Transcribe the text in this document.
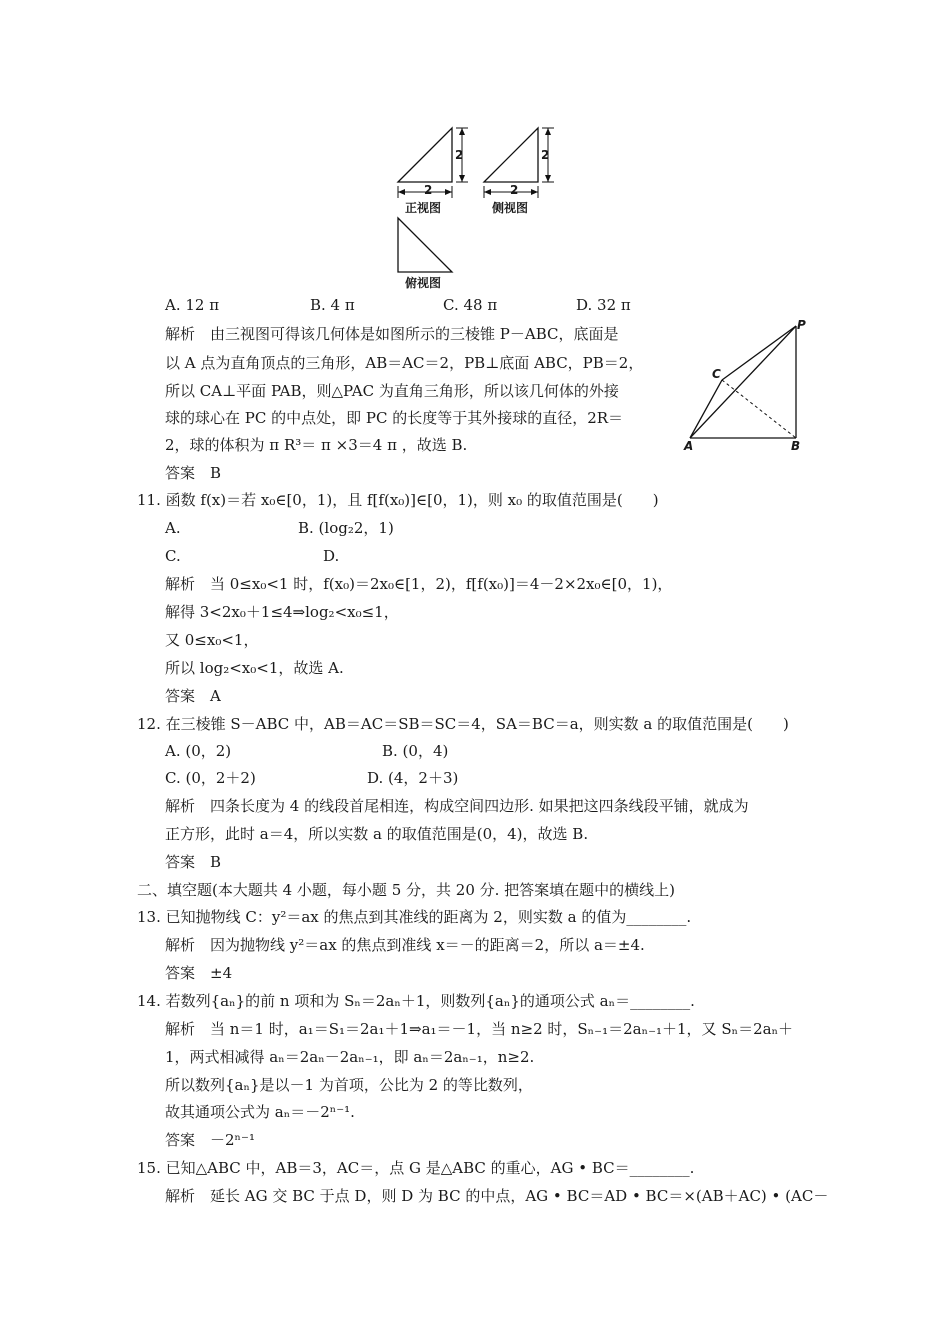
2
2
2
2
正视图	侧视图
俯视图
P
C
A	B
A. 12 π	B. 4 π	C. 48 π	D. 32 π
解析　由三视图可得该几何体是如图所示的三棱锥 P－ABC，底面是
以 A 点为直角顶点的三角形，AB＝AC＝2，PB⊥底面 ABC，PB＝2，
所以 CA⊥平面 PAB，则△PAC 为直角三角形，所以该几何体的外接
球的球心在 PC 的中点处，即 PC 的长度等于其外接球的直径，2R＝
2，球的体积为 π R³＝ π ×3＝4 π ，故选 B.
答案　B
11. 函数 f(x)＝若 x₀∈[0，1)，且 f[f(x₀)]∈[0，1)，则 x₀ 的取值范围是(　　)
A.	B. (log₂2，1)
C.	D.
解析　当 0≤x₀<1 时，f(x₀)＝2x₀∈[1，2)，f[f(x₀)]＝4－2×2x₀∈[0，1)，
解得 3<2x₀＋1≤4⇒log₂<x₀≤1，
又 0≤x₀<1，
所以 log₂<x₀<1，故选 A.
答案　A
12. 在三棱锥 S－ABC 中，AB＝AC＝SB＝SC＝4，SA＝BC＝a，则实数 a 的取值范围是(　　)
A. (0，2)	B. (0，4)
C. (0，2＋2)	D. (4，2＋3)
解析　四条长度为 4 的线段首尾相连，构成空间四边形. 如果把这四条线段平铺，就成为
正方形，此时 a＝4，所以实数 a 的取值范围是(0，4)，故选 B.
答案　B
二、填空题(本大题共 4 小题，每小题 5 分，共 20 分. 把答案填在题中的横线上)
13. 已知抛物线 C：y²＝ax 的焦点到其准线的距离为 2，则实数 a 的值为________.
解析　因为抛物线 y²＝ax 的焦点到准线 x＝－的距离＝2，所以 a＝±4.
答案　±4
14. 若数列{aₙ}的前 n 项和为 Sₙ＝2aₙ＋1，则数列{aₙ}的通项公式 aₙ＝________.
解析　当 n＝1 时，a₁＝S₁＝2a₁＋1⇒a₁＝－1，当 n≥2 时，Sₙ₋₁＝2aₙ₋₁＋1，又 Sₙ＝2aₙ＋
1，两式相减得 aₙ＝2aₙ－2aₙ₋₁，即 aₙ＝2aₙ₋₁，n≥2.
所以数列{aₙ}是以－1 为首项，公比为 2 的等比数列，
故其通项公式为 aₙ＝－2ⁿ⁻¹.
答案　－2ⁿ⁻¹
15. 已知△ABC 中，AB＝3，AC＝，点 G 是△ABC 的重心，AG • BC＝________.
解析　延长 AG 交 BC 于点 D，则 D 为 BC 的中点，AG • BC＝AD • BC＝×(AB＋AC) • (AC－
